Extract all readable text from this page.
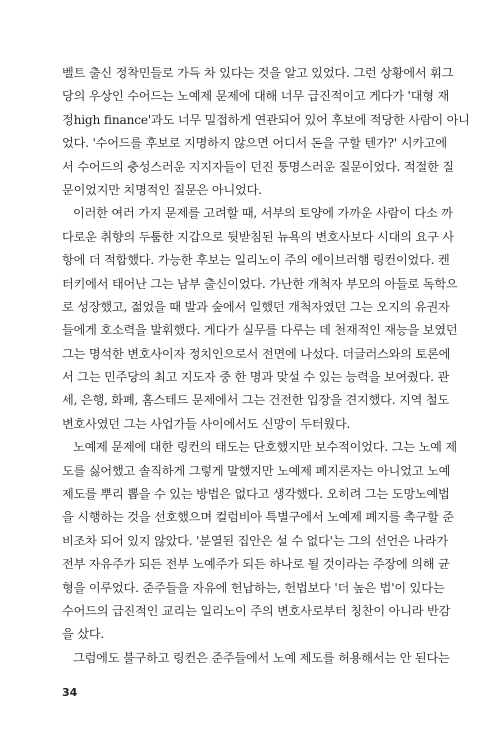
벨트 출신 정착민들로 가득 차 있다는 것을 알고 있었다. 그런 상황에서 휘그
당의 우상인 수어드는 노예제 문제에 대해 너무 급진적이고 게다가 '대형 재
정high finance'과도 너무 밀접하게 연관되어 있어 후보에 적당한 사람이 아니
었다. '수어드를 후보로 지명하지 않으면 어디서 돈을 구할 텐가?' 시카고에
서 수어드의 충성스러운 지지자들이 던진 퉁명스러운 질문이었다. 적절한 질
문이었지만 치명적인 질문은 아니었다.
이러한 여러 가지 문제를 고려할 때, 서부의 토양에 가까운 사람이 다소 까
다로운 취향의 두툼한 지갑으로 뒷받침된 뉴욕의 변호사보다 시대의 요구 사
항에 더 적합했다. 가능한 후보는 일리노이 주의 에이브러햄 링컨이었다. 켄
터키에서 태어난 그는 남부 출신이었다. 가난한 개척자 부모의 아들로 독학으
로 성장했고, 젊었을 때 발과 숲에서 일했던 개척자였던 그는 오지의 유권자
들에게 호소력을 발휘했다. 게다가 실무를 다루는 데 천재적인 재능을 보였던
그는 명석한 변호사이자 정치인으로서 전면에 나섰다. 더글러스와의 토론에
서 그는 민주당의 최고 지도자 중 한 명과 맞설 수 있는 능력을 보여줬다. 관
세, 은행, 화폐, 홈스테드 문제에서 그는 건전한 입장을 견지했다. 지역 철도
변호사였던 그는 사업가들 사이에서도 신망이 두터웠다.
노예제 문제에 대한 링컨의 태도는 단호했지만 보수적이었다. 그는 노예 제
도를 싫어했고 솔직하게 그렇게 말했지만 노예제 폐지론자는 아니었고 노예
제도를 뿌리 뽑을 수 있는 방법은 없다고 생각했다. 오히려 그는 도망노예법
을 시행하는 것을 선호했으며 컬럼비아 특별구에서 노예제 폐지를 촉구할 준
비조차 되어 있지 않았다. '분열된 집안은 설 수 없다'는 그의 선언은 나라가
전부 자유주가 되든 전부 노예주가 되든 하나로 될 것이라는 주장에 의해 균
형을 이루었다. 준주들을 자유에 헌납하는, 헌법보다 '더 높은 법'이 있다는
수어드의 급진적인 교리는 일리노이 주의 변호사로부터 칭찬이 아니라 반감
을 샀다.
그럼에도 불구하고 링컨은 준주들에서 노예 제도를 허용해서는 안 된다는
34
